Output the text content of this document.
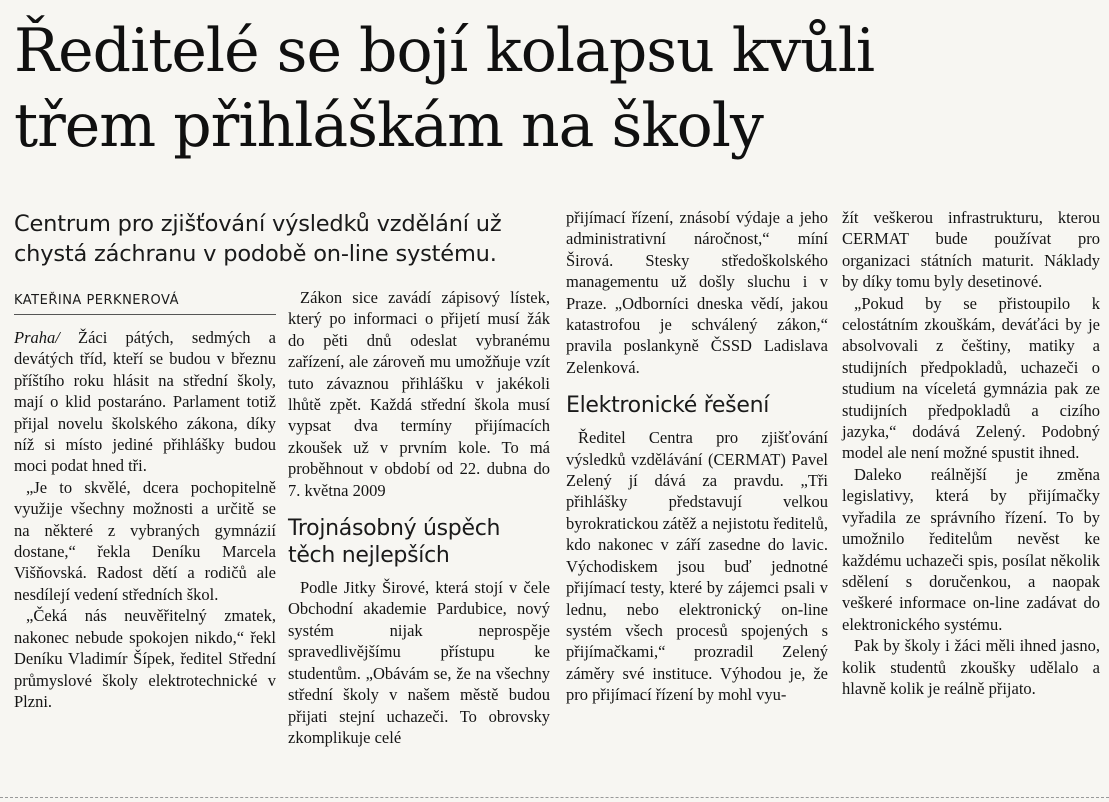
Ředitelé se bojí kolapsu kvůli
třem přihláškám na školy

Centrum pro zjišťování výsledků vzdělání už
chystá záchranu v podobě on-line systému.

KATEŘINA PERKNEROVÁ

Praha/ Žáci pátých, sedmých a devátých tříd, kteří se budou v březnu příštího roku hlásit na střední školy, mají o klid postaráno. Parlament totiž přijal novelu školského zákona, díky níž si místo jediné přihlášky budou moci podat hned tři.

„Je to skvělé, dcera pochopitelně využije všechny možnosti a určitě se na některé z vybraných gymnázií dostane,“ řekla Deníku Marcela Višňovská. Radost dětí a rodičů ale nesdílejí vedení středních škol.

„Čeká nás neuvěřitelný zmatek, nakonec nebude spokojen nikdo,“ řekl Deníku Vladimír Šípek, ředitel Střední průmyslové školy elektrotechnické v Plzni.

Zákon sice zavádí zápisový lístek, který po informaci o přijetí musí žák do pěti dnů odeslat vybranému zařízení, ale zároveň mu umožňuje vzít tuto závaznou přihlášku v jakékoli lhůtě zpět. Každá střední škola musí vypsat dva termíny přijímacích zkoušek už v prvním kole. To má proběhnout v období od 22. dubna do 7. května 2009

Trojnásobný úspěch
těch nejlepších

Podle Jitky Širové, která stojí v čele Obchodní akademie Pardubice, nový systém nijak neprospěje spravedlivějšímu přístupu ke studentům. „Obávám se, že na všechny střední školy v našem městě budou přijati stejní uchazeči. To obrovsky zkomplikuje celé

přijímací řízení, znásobí výdaje a jeho administrativní náročnost,“ míní Širová. Stesky středoškolského managementu už došly sluchu i v Praze. „Odborníci dneska vědí, jakou katastrofou je schválený zákon,“ pravila poslankyně ČSSD Ladislava Zelenková.

Elektronické řešení

Ředitel Centra pro zjišťování výsledků vzdělávání (CERMAT) Pavel Zelený jí dává za pravdu. „Tři přihlášky představují velkou byrokratickou zátěž a nejistotu ředitelů, kdo nakonec v září zasedne do lavic. Východiskem jsou buď jednotné přijímací testy, které by zájemci psali v lednu, nebo elektronický on-line systém všech procesů spojených s přijímačkami,“ prozradil Zelený záměry své instituce. Výhodou je, že pro přijímací řízení by mohl vyu-

žít veškerou infrastrukturu, kterou CERMAT bude používat pro organizaci státních maturit. Náklady by díky tomu byly desetinové.

„Pokud by se přistoupilo k celostátním zkouškám, deváťáci by je absolvovali z češtiny, matiky a studijních předpokladů, uchazeči o studium na víceletá gymnázia pak ze studijních předpokladů a cizího jazyka,“ dodává Zelený. Podobný model ale není možné spustit ihned.

Daleko reálnější je změna legislativy, která by přijímačky vyřadila ze správního řízení. To by umožnilo ředitelům nevěst ke každému uchazeči spis, posílat několik sdělení s doručenkou, a naopak veškeré informace on-line zadávat do elektronického systému.

Pak by školy i žáci měli ihned jasno, kolik studentů zkoušky udělalo a hlavně kolik je reálně přijato.
